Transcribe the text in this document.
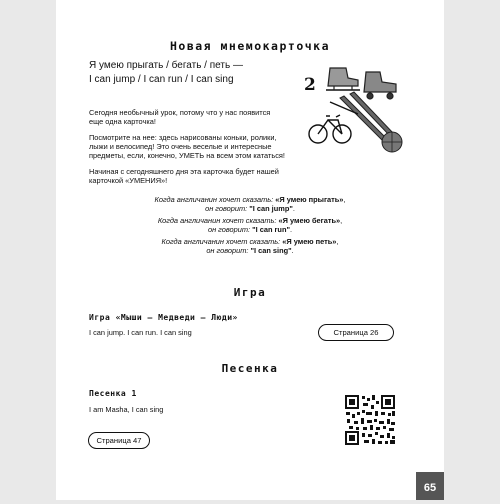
Новая мнемокарточка
Я умею прыгать / бегать / петь —
I can jump / I can run / I can sing
Сегодня необычный урок, потому что у нас появится
еще одна карточка!
Посмотрите на нее: здесь нарисованы коньки, ролики,
лыжи и велосипед! Это очень веселые и интересные
предметы, если, конечно, УМЕТЬ на всем этом кататься!
Начиная с сегодняшнего дня эта карточка будет нашей
карточкой «УМЕНИЯ»!
2
Когда англичанин хочет сказать: «Я умею прыгать»,
он говорит: "I can jump".
Когда англичанин хочет сказать: «Я умею бегать»,
он говорит: "I can run".
Когда англичанин хочет сказать: «Я умею петь»,
он говорит: "I can sing".
Игра
Игра «Мыши — Медведи — Люди»
I can jump. I can run. I can sing	Страница 26
Песенка
Песенка 1
I am Masha, I can sing
Страница 47
65
